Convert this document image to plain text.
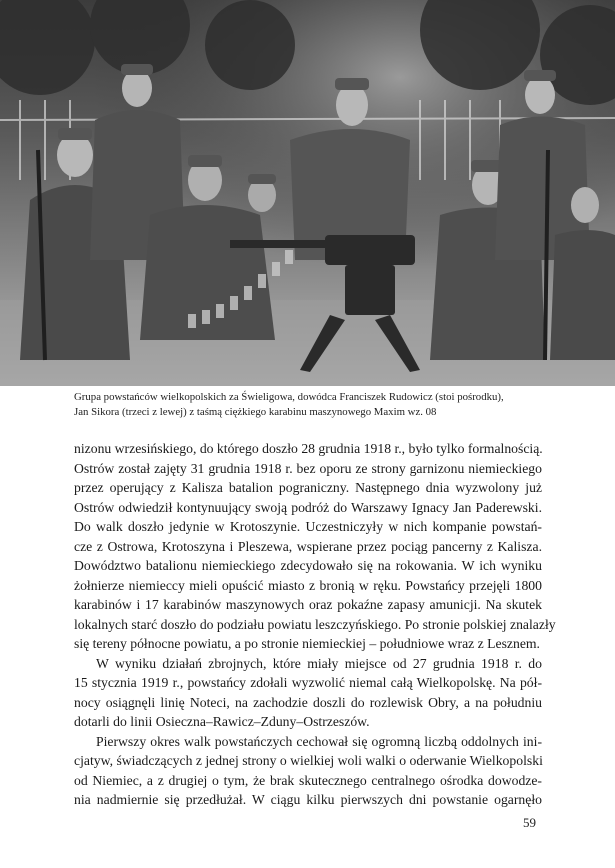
Grupa powstańców wielkopolskich za Świeligowa, dowódca Franciszek Rudowicz (stoi pośrodku),
Jan Sikora (trzeci z lewej) z taśmą ciężkiego karabinu maszynowego Maxim wz. 08
nizonu wrzesińskiego, do którego doszło 28 grudnia 1918 r., było tylko formalnością.
Ostrów został zajęty 31 grudnia 1918 r. bez oporu ze strony garnizonu niemieckiego
przez operujący z Kalisza batalion pograniczny. Następnego dnia wyzwolony już
Ostrów odwiedził kontynuujący swoją podróż do Warszawy Ignacy Jan Paderewski.
Do walk doszło jedynie w Krotoszynie. Uczestniczyły w nich kompanie powstań-
cze z Ostrowa, Krotoszyna i Pleszewa, wspierane przez pociąg pancerny z Kalisza.
Dowództwo batalionu niemieckiego zdecydowało się na rokowania. W ich wyniku
żołnierze niemieccy mieli opuścić miasto z bronią w ręku. Powstańcy przejęli 1800
karabinów i 17 karabinów maszynowych oraz pokaźne zapasy amunicji. Na skutek
lokalnych starć doszło do podziału powiatu leszczyńskiego. Po stronie polskiej znalazły
się tereny północne powiatu, a po stronie niemieckiej – południowe wraz z Lesznem.
W wyniku działań zbrojnych, które miały miejsce od 27 grudnia 1918 r. do
15 stycznia 1919 r., powstańcy zdołali wyzwolić niemal całą Wielkopolskę. Na pół-
nocy osiągnęli linię Noteci, na zachodzie doszli do rozlewisk Obry, a na południu
dotarli do linii Osieczna–Rawicz–Zduny–Ostrzeszów.
Pierwszy okres walk powstańczych cechował się ogromną liczbą oddolnych ini-
cjatyw, świadczących z jednej strony o wielkiej woli walki o oderwanie Wielkopolski
od Niemiec, a z drugiej o tym, że brak skutecznego centralnego ośrodka dowodze-
nia nadmiernie się przedłużał. W ciągu kilku pierwszych dni powstanie ogarnęło
59
